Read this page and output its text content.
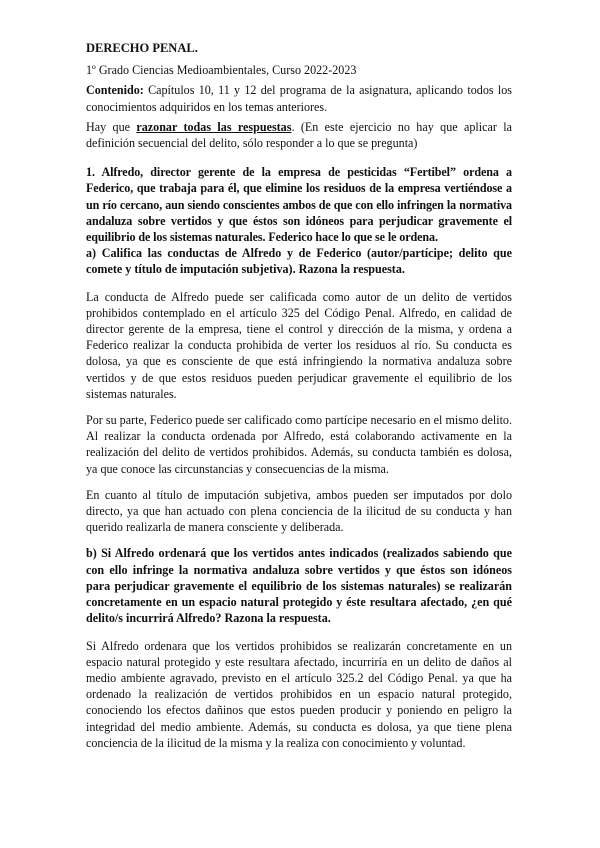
DERECHO PENAL.

1º Grado Ciencias Medioambientales, Curso 2022-2023

Contenido: Capítulos 10, 11 y 12 del programa de la asignatura, aplicando todos los conocimientos adquiridos en los temas anteriores.

Hay que razonar todas las respuestas. (En este ejercicio no hay que aplicar la definición secuencial del delito, sólo responder a lo que se pregunta)

1. Alfredo, director gerente de la empresa de pesticidas “Fertibel” ordena a Federico, que trabaja para él, que elimine los residuos de la empresa vertiéndose a un río cercano, aun siendo conscientes ambos de que con ello infringen la normativa andaluza sobre vertidos y que éstos son idóneos para perjudicar gravemente el equilibrio de los sistemas naturales. Federico hace lo que se le ordena.

a) Califica las conductas de Alfredo y de Federico (autor/partícipe; delito que comete y título de imputación subjetiva). Razona la respuesta.

La conducta de Alfredo puede ser calificada como autor de un delito de vertidos prohibidos contemplado en el artículo 325 del Código Penal. Alfredo, en calidad de director gerente de la empresa, tiene el control y dirección de la misma, y ordena a Federico realizar la conducta prohibida de verter los residuos al río. Su conducta es dolosa, ya que es consciente de que está infringiendo la normativa andaluza sobre vertidos y de que estos residuos pueden perjudicar gravemente el equilibrio de los sistemas naturales.

Por su parte, Federico puede ser calificado como partícipe necesario en el mismo delito. Al realizar la conducta ordenada por Alfredo, está colaborando activamente en la realización del delito de vertidos prohibidos. Además, su conducta también es dolosa, ya que conoce las circunstancias y consecuencias de la misma.

En cuanto al título de imputación subjetiva, ambos pueden ser imputados por dolo directo, ya que han actuado con plena conciencia de la ilicitud de su conducta y han querido realizarla de manera consciente y deliberada.

b) Si Alfredo ordenará que los vertidos antes indicados (realizados sabiendo que con ello infringe la normativa andaluza sobre vertidos y que éstos son idóneos para perjudicar gravemente el equilibrio de los sistemas naturales) se realizarán concretamente en un espacio natural protegido y éste resultara afectado, ¿en qué delito/s incurrirá Alfredo? Razona la respuesta.

Si Alfredo ordenara que los vertidos prohibidos se realizarán concretamente en un espacio natural protegido y este resultara afectado, incurriría en un delito de daños al medio ambiente agravado, previsto en el artículo 325.2 del Código Penal. ya que ha ordenado la realización de vertidos prohibidos en un espacio natural protegido, conociendo los efectos dañinos que estos pueden producir y poniendo en peligro la integridad del medio ambiente. Además, su conducta es dolosa, ya que tiene plena conciencia de la ilicitud de la misma y la realiza con conocimiento y voluntad.
